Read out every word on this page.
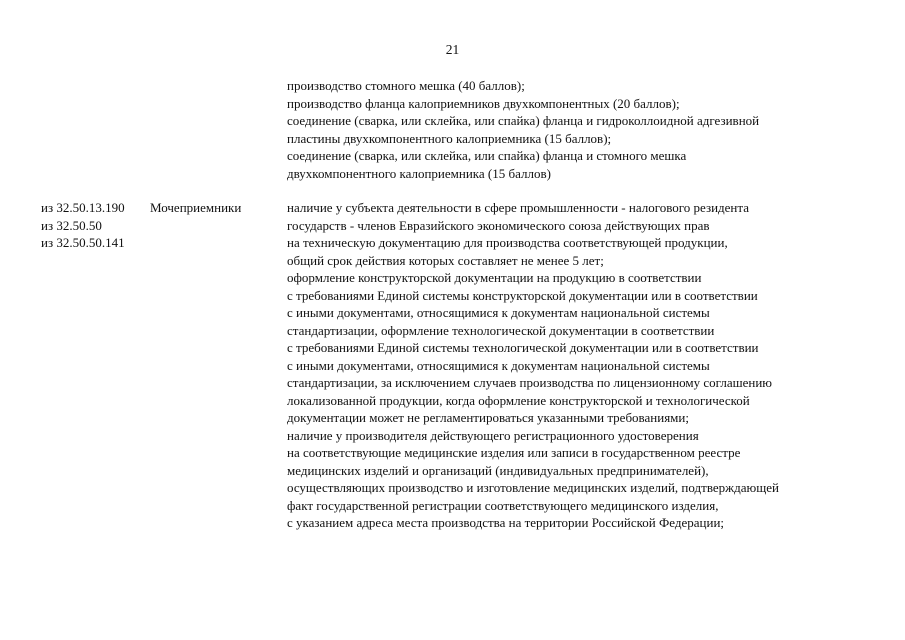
21
производство стомного мешка (40 баллов);
производство фланца калоприемников двухкомпонентных (20 баллов);
соединение (сварка, или склейка, или спайка) фланца и гидроколлоидной адгезивной
пластины двухкомпонентного калоприемника (15 баллов);
соединение (сварка, или склейка, или спайка) фланца и стомного мешка
двухкомпонентного калоприемника (15 баллов)
из 32.50.13.190
из 32.50.50
из 32.50.50.141
Мочеприемники	наличие у субъекта деятельности в сфере промышленности - налогового резидента
государств - членов Евразийского экономического союза действующих прав
на техническую документацию для производства соответствующей продукции,
общий срок действия которых составляет не менее 5 лет;
оформление конструкторской документации на продукцию в соответствии
с требованиями Единой системы конструкторской документации или в соответствии
с иными документами, относящимися к документам национальной системы
стандартизации, оформление технологической документации в соответствии
с требованиями Единой системы технологической документации или в соответствии
с иными документами, относящимися к документам национальной системы
стандартизации, за исключением случаев производства по лицензионному соглашению
локализованной продукции, когда оформление конструкторской и технологической
документации может не регламентироваться указанными требованиями;
наличие у производителя действующего регистрационного удостоверения
на соответствующие медицинские изделия или записи в государственном реестре
медицинских изделий и организаций (индивидуальных предпринимателей),
осуществляющих производство и изготовление медицинских изделий, подтверждающей
факт государственной регистрации соответствующего медицинского изделия,
с указанием адреса места производства на территории Российской Федерации;
